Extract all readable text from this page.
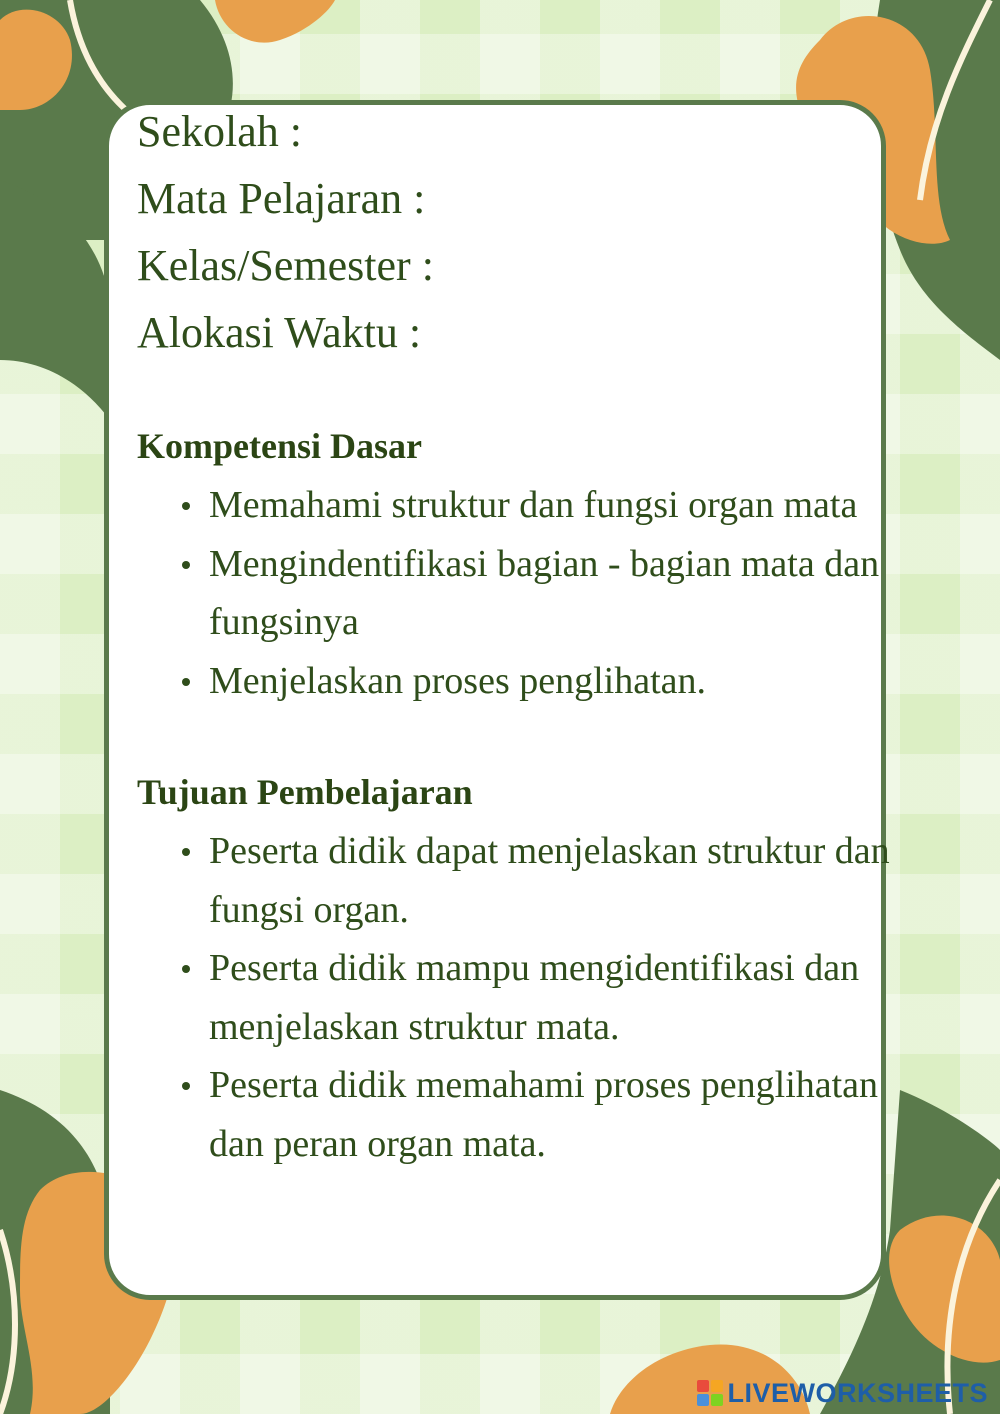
Sekolah :

Mata Pelajaran :

Kelas/Semester :

Alokasi Waktu :

Kompetensi Dasar
Memahami struktur dan fungsi organ mata
Mengindentifikasi bagian - bagian mata dan fungsinya
Menjelaskan proses penglihatan.
Tujuan Pembelajaran
Peserta didik dapat menjelaskan struktur dan fungsi organ.
Peserta didik mampu mengidentifikasi dan menjelaskan struktur mata.
Peserta didik memahami proses penglihatan dan peran organ mata.
LIVEWORKSHEETS
